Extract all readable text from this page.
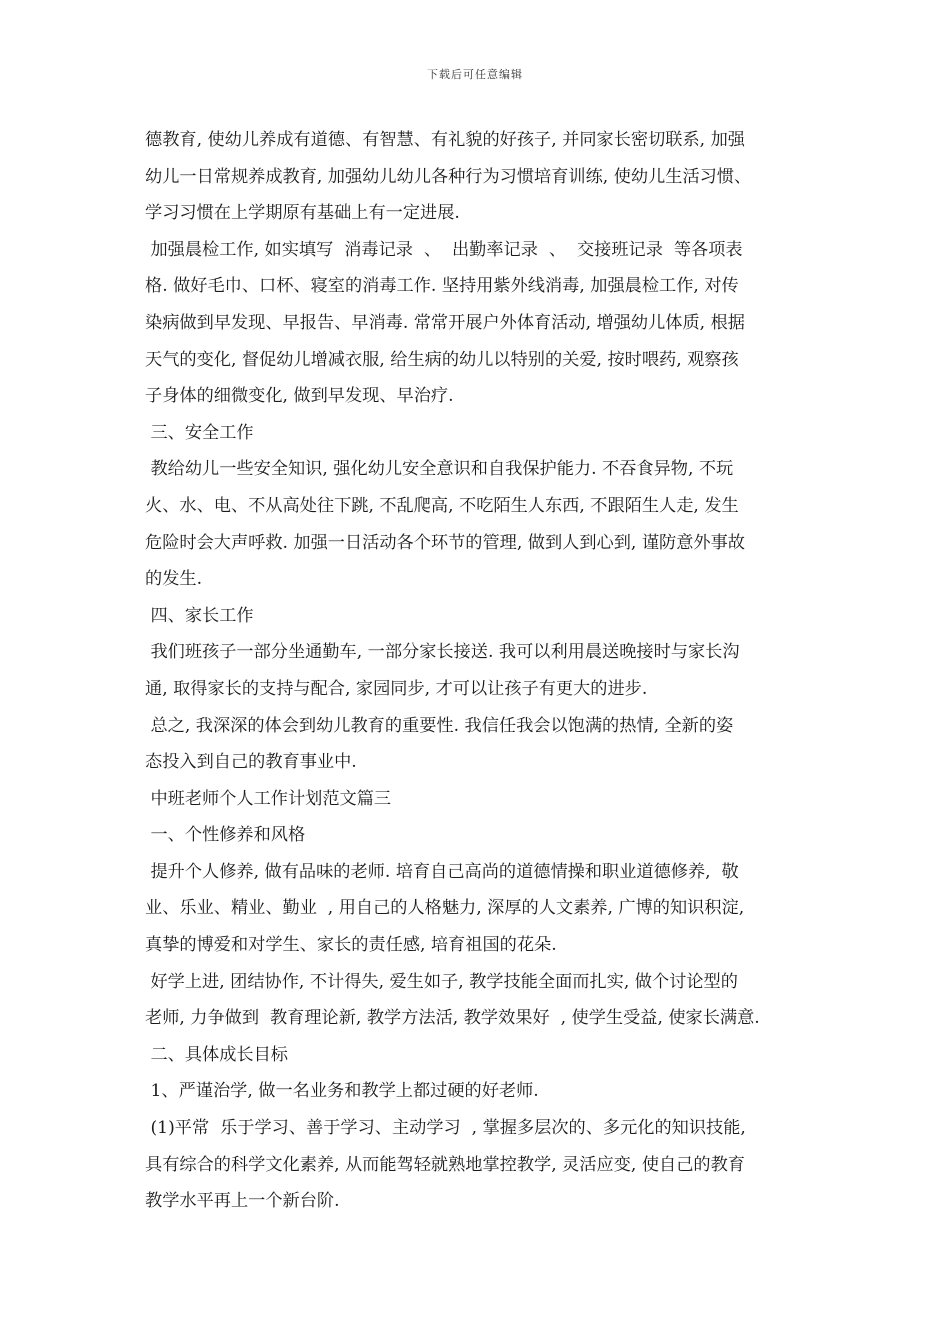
下载后可任意编辑
德教育, 使幼儿养成有道德、有智慧、有礼貌的好孩子, 并同家长密切联系, 加强
幼儿一日常规养成教育, 加强幼儿幼儿各种行为习惯培育训练, 使幼儿生活习惯、
学习习惯在上学期原有基础上有一定进展.
加强晨检工作, 如实填写  消毒记录  、  出勤率记录  、  交接班记录  等各项表
格. 做好毛巾、口杯、寝室的消毒工作. 坚持用紫外线消毒, 加强晨检工作, 对传
染病做到早发现、早报告、早消毒. 常常开展户外体育活动, 增强幼儿体质, 根据
天气的变化, 督促幼儿增减衣服, 给生病的幼儿以特别的关爱, 按时喂药, 观察孩
子身体的细微变化, 做到早发现、早治疗.
三、安全工作
教给幼儿一些安全知识, 强化幼儿安全意识和自我保护能力. 不吞食异物, 不玩
火、水、电、不从高处往下跳, 不乱爬高, 不吃陌生人东西, 不跟陌生人走, 发生
危险时会大声呼救. 加强一日活动各个环节的管理, 做到人到心到, 谨防意外事故
的发生.
四、家长工作
我们班孩子一部分坐通勤车, 一部分家长接送. 我可以利用晨送晚接时与家长沟
通, 取得家长的支持与配合, 家园同步, 才可以让孩子有更大的进步.
总之, 我深深的体会到幼儿教育的重要性. 我信任我会以饱满的热情, 全新的姿
态投入到自己的教育事业中.
中班老师个人工作计划范文篇三
一、个性修养和风格
提升个人修养, 做有品味的老师. 培育自己高尚的道德情操和职业道德修养,  敬
业、乐业、精业、勤业  , 用自己的人格魅力, 深厚的人文素养, 广博的知识积淀,
真挚的博爱和对学生、家长的责任感, 培育祖国的花朵.
好学上进, 团结协作, 不计得失, 爱生如子, 教学技能全面而扎实, 做个讨论型的
老师, 力争做到  教育理论新, 教学方法活, 教学效果好  , 使学生受益, 使家长满意.
二、具体成长目标
1、严谨治学, 做一名业务和教学上都过硬的好老师.
(1)平常  乐于学习、善于学习、主动学习  , 掌握多层次的、多元化的知识技能,
具有综合的科学文化素养, 从而能驾轻就熟地掌控教学, 灵活应变, 使自己的教育
教学水平再上一个新台阶.
